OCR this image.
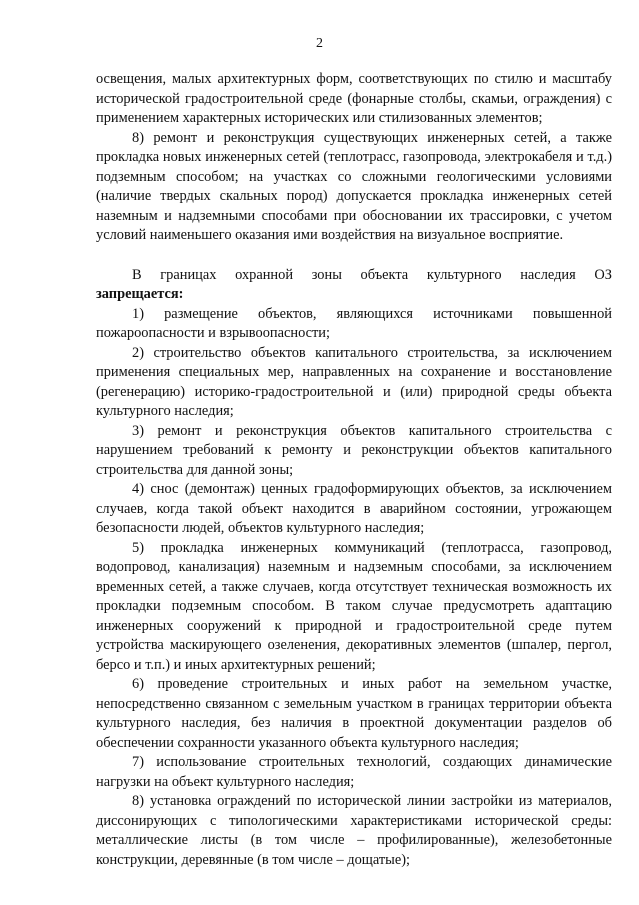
2

освещения, малых архитектурных форм, соответствующих по стилю и масштабу исторической градостроительной среде (фонарные столбы, скамьи, ограждения) с применением характерных исторических или стилизованных элементов;

8) ремонт и реконструкция существующих инженерных сетей, а также прокладка новых инженерных сетей (теплотрасс, газопровода, электрокабеля и т.д.) подземным способом; на участках со сложными геологическими условиями (наличие твердых скальных пород) допускается прокладка инженерных сетей наземным и надземными способами при обосновании их трассировки, с учетом условий наименьшего оказания ими воздействия на визуальное восприятие.

В границах охранной зоны объекта культурного наследия ОЗ

запрещается:

1) размещение объектов, являющихся источниками повышенной пожароопасности и взрывоопасности;

2) строительство объектов капитального строительства, за исключением применения специальных мер, направленных на сохранение и восстановление (регенерацию) историко-градостроительной и (или) природной среды объекта культурного наследия;

3) ремонт и реконструкция объектов капитального строительства с нарушением требований к ремонту и реконструкции объектов капитального строительства для данной зоны;

4) снос (демонтаж) ценных градоформирующих объектов, за исключением случаев, когда такой объект находится в аварийном состоянии, угрожающем безопасности людей, объектов культурного наследия;

5) прокладка инженерных коммуникаций (теплотрасса, газопровод, водопровод, канализация) наземным и надземным способами, за исключением временных сетей, а также случаев, когда отсутствует техническая возможность их прокладки подземным способом. В таком случае предусмотреть адаптацию инженерных сооружений к природной и градостроительной среде путем устройства маскирующего озеленения, декоративных элементов (шпалер, пергол, берсо и т.п.) и иных архитектурных решений;

6) проведение строительных и иных работ на земельном участке, непосредственно связанном с земельным участком в границах территории объекта культурного наследия, без наличия в проектной документации разделов об обеспечении сохранности указанного объекта культурного наследия;

7) использование строительных технологий, создающих динамические нагрузки на объект культурного наследия;

8) установка ограждений по исторической линии застройки из материалов, диссонирующих с типологическими характеристиками исторической среды: металлические листы (в том числе – профилированные), железобетонные конструкции, деревянные (в том числе – дощатые);
